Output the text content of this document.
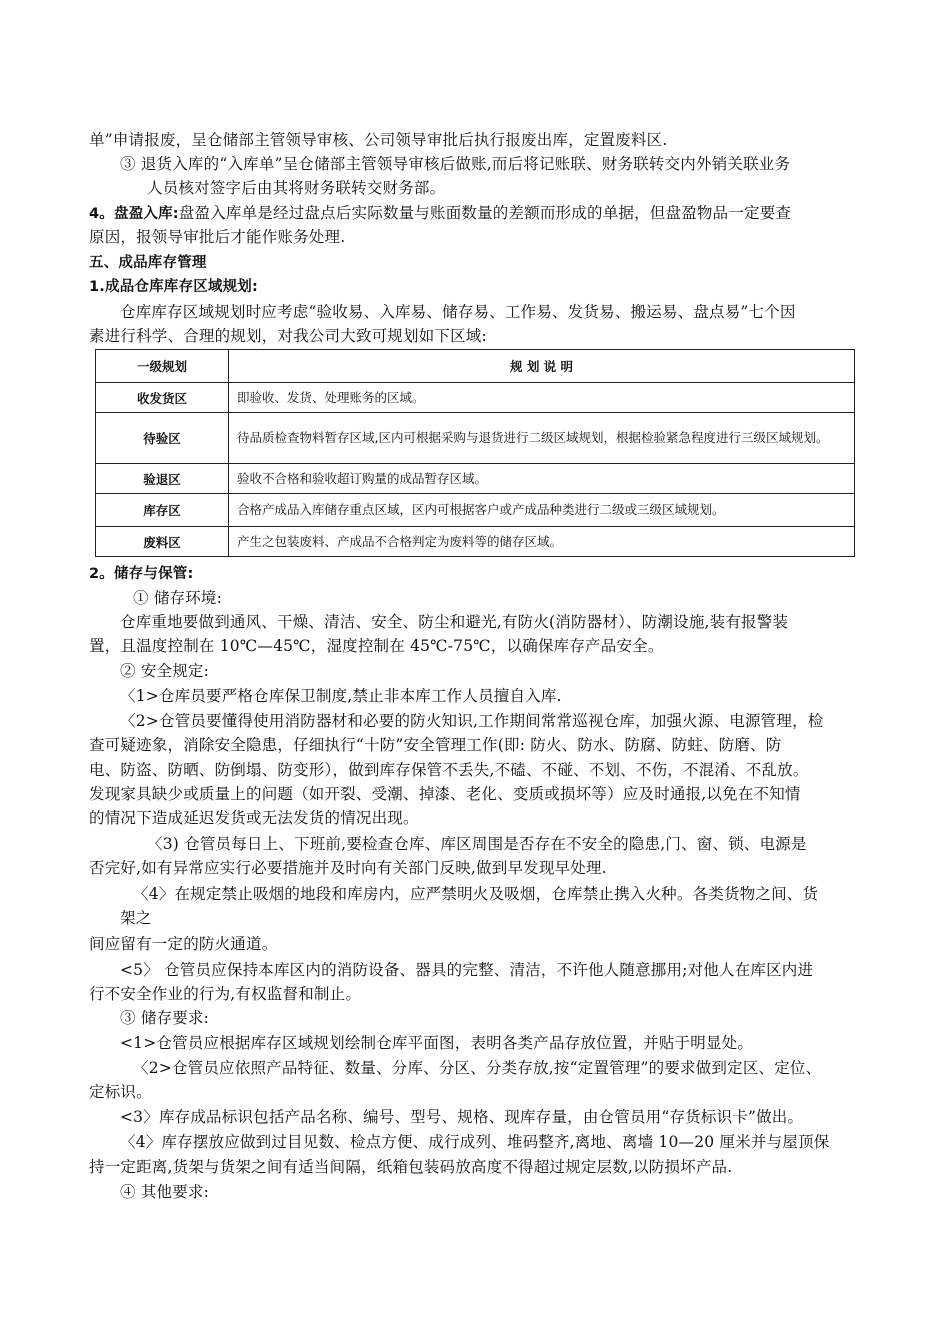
单”申请报废，呈仓储部主管领导审核、公司领导审批后执行报废出库，定置废料区.
③ 退货入库的“入库单”呈仓储部主管领导审核后做账,而后将记账联、财务联转交内外销关联业务
人员核对签字后由其将财务联转交财务部。
4。盘盈入库:盘盈入库单是经过盘点后实际数量与账面数量的差额而形成的单据，但盘盈物品一定要查
原因，报领导审批后才能作账务处理.
五、成品库存管理
1.成品仓库库存区域规划:
仓库库存区域规划时应考虑“验收易、入库易、储存易、工作易、发货易、搬运易、盘点易”七个因
素进行科学、合理的规划，对我公司大致可规划如下区域:
一级规划	规 划 说 明
收发货区	即验收、发货、处理账务的区域。
待验区	待品质检查物料暂存区域,区内可根据采购与退货进行二级区域规划，根据检验紧急程度进行三级区域规划。
验退区	验收不合格和验收超订购量的成品暂存区域。
库存区	合格产成品入库储存重点区域，区内可根据客户或产成品种类进行二级或三级区域规划。
废料区	产生之包装废料、产成品不合格判定为废料等的储存区域。
2。储存与保管:
① 储存环境:
仓库重地要做到通风、干燥、清洁、安全、防尘和避光,有防火(消防器材）、防潮设施,装有报警装
置，且温度控制在 10℃—45℃，湿度控制在 45℃-75℃，以确保库存产品安全。
② 安全规定:
〈1>仓库员要严格仓库保卫制度,禁止非本库工作人员擅自入库.
〈2>仓管员要懂得使用消防器材和必要的防火知识,工作期间常常巡视仓库，加强火源、电源管理，检
查可疑迹象，消除安全隐患，仔细执行“十防”安全管理工作(即: 防火、防水、防腐、防蛀、防磨、防
电、防盗、防晒、防倒塌、防变形），做到库存保管不丢失,不磕、不碰、不划、不伤，不混淆、不乱放。
发现家具缺少或质量上的问题（如开裂、受潮、掉漆、老化、变质或损坏等）应及时通报,以免在不知情
的情况下造成延迟发货或无法发货的情况出现。
〈3) 仓管员每日上、下班前,要检查仓库、库区周围是否存在不安全的隐患,门、窗、锁、电源是
否完好,如有异常应实行必要措施并及时向有关部门反映,做到早发现早处理.
〈4〉在规定禁止吸烟的地段和库房内，应严禁明火及吸烟，仓库禁止携入火种。各类货物之间、货
架之
间应留有一定的防火通道。
<5〉 仓管员应保持本库区内的消防设备、器具的完整、清洁，不许他人随意挪用;对他人在库区内进
行不安全作业的行为,有权监督和制止。
③ 储存要求:
<1>仓管员应根据库存区域规划绘制仓库平面图，表明各类产品存放位置，并贴于明显处。
〈2>仓管员应依照产品特征、数量、分库、分区、分类存放,按“定置管理”的要求做到定区、定位、
定标识。
<3〉库存成品标识包括产品名称、编号、型号、规格、现库存量，由仓管员用“存货标识卡”做出。
〈4〉库存摆放应做到过目见数、检点方便、成行成列、堆码整齐,离地、离墙 10—20 厘米并与屋顶保
持一定距离,货架与货架之间有适当间隔，纸箱包装码放高度不得超过规定层数,以防损坏产品.
④ 其他要求:
